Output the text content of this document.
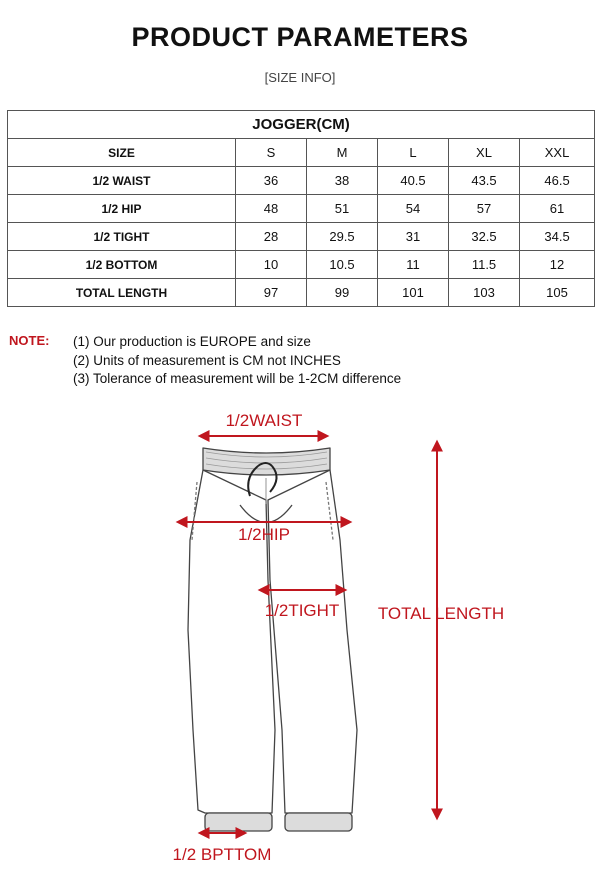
PRODUCT PARAMETERS
[SIZE INFO]
JOGGER(CM)					
SIZE	S	M	L	XL	XXL
1/2 WAIST	36	38	40.5	43.5	46.5
1/2 HIP	48	51	54	57	61
1/2 TIGHT	28	29.5	31	32.5	34.5
1/2 BOTTOM	10	10.5	11	11.5	12
TOTAL LENGTH	97	99	101	103	105
NOTE: (1) Our production is EUROPE and size
(2) Units of measurement is CM not INCHES
(3) Tolerance of measurement will be 1-2CM difference
1/2WAIST
1/2HIP
1/2TIGHT TOTAL LENGTH
1/2 BPTTOM
